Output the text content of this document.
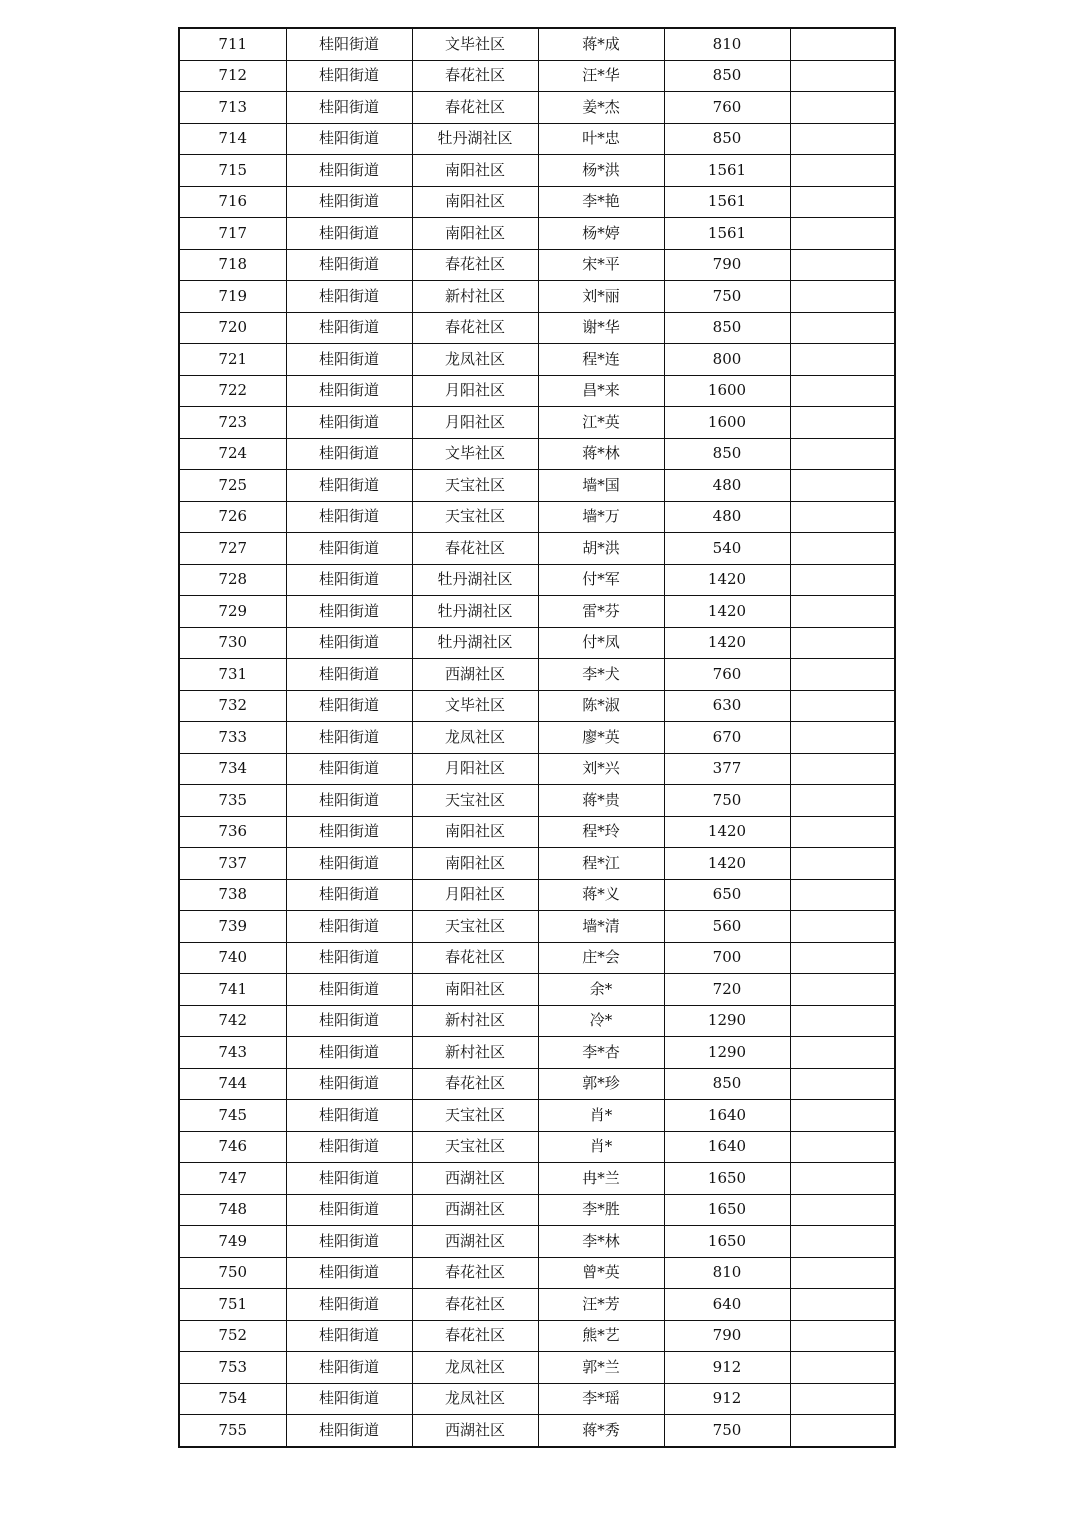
711	桂阳街道	文毕社区	蒋*成	810	
712	桂阳街道	春花社区	汪*华	850	
713	桂阳街道	春花社区	姜*杰	760	
714	桂阳街道	牡丹湖社区	叶*忠	850	
715	桂阳街道	南阳社区	杨*洪	1561	
716	桂阳街道	南阳社区	李*艳	1561	
717	桂阳街道	南阳社区	杨*婷	1561	
718	桂阳街道	春花社区	宋*平	790	
719	桂阳街道	新村社区	刘*丽	750	
720	桂阳街道	春花社区	谢*华	850	
721	桂阳街道	龙凤社区	程*连	800	
722	桂阳街道	月阳社区	昌*来	1600	
723	桂阳街道	月阳社区	江*英	1600	
724	桂阳街道	文毕社区	蒋*林	850	
725	桂阳街道	天宝社区	墙*国	480	
726	桂阳街道	天宝社区	墙*万	480	
727	桂阳街道	春花社区	胡*洪	540	
728	桂阳街道	牡丹湖社区	付*军	1420	
729	桂阳街道	牡丹湖社区	雷*芬	1420	
730	桂阳街道	牡丹湖社区	付*凤	1420	
731	桂阳街道	西湖社区	李*犬	760	
732	桂阳街道	文毕社区	陈*淑	630	
733	桂阳街道	龙凤社区	廖*英	670	
734	桂阳街道	月阳社区	刘*兴	377	
735	桂阳街道	天宝社区	蒋*贵	750	
736	桂阳街道	南阳社区	程*玲	1420	
737	桂阳街道	南阳社区	程*江	1420	
738	桂阳街道	月阳社区	蒋*义	650	
739	桂阳街道	天宝社区	墙*清	560	
740	桂阳街道	春花社区	庄*会	700	
741	桂阳街道	南阳社区	余*	720	
742	桂阳街道	新村社区	冷*	1290	
743	桂阳街道	新村社区	李*杏	1290	
744	桂阳街道	春花社区	郭*珍	850	
745	桂阳街道	天宝社区	肖*	1640	
746	桂阳街道	天宝社区	肖*	1640	
747	桂阳街道	西湖社区	冉*兰	1650	
748	桂阳街道	西湖社区	李*胜	1650	
749	桂阳街道	西湖社区	李*林	1650	
750	桂阳街道	春花社区	曾*英	810	
751	桂阳街道	春花社区	汪*芳	640	
752	桂阳街道	春花社区	熊*艺	790	
753	桂阳街道	龙凤社区	郭*兰	912	
754	桂阳街道	龙凤社区	李*瑶	912	
755	桂阳街道	西湖社区	蒋*秀	750	
